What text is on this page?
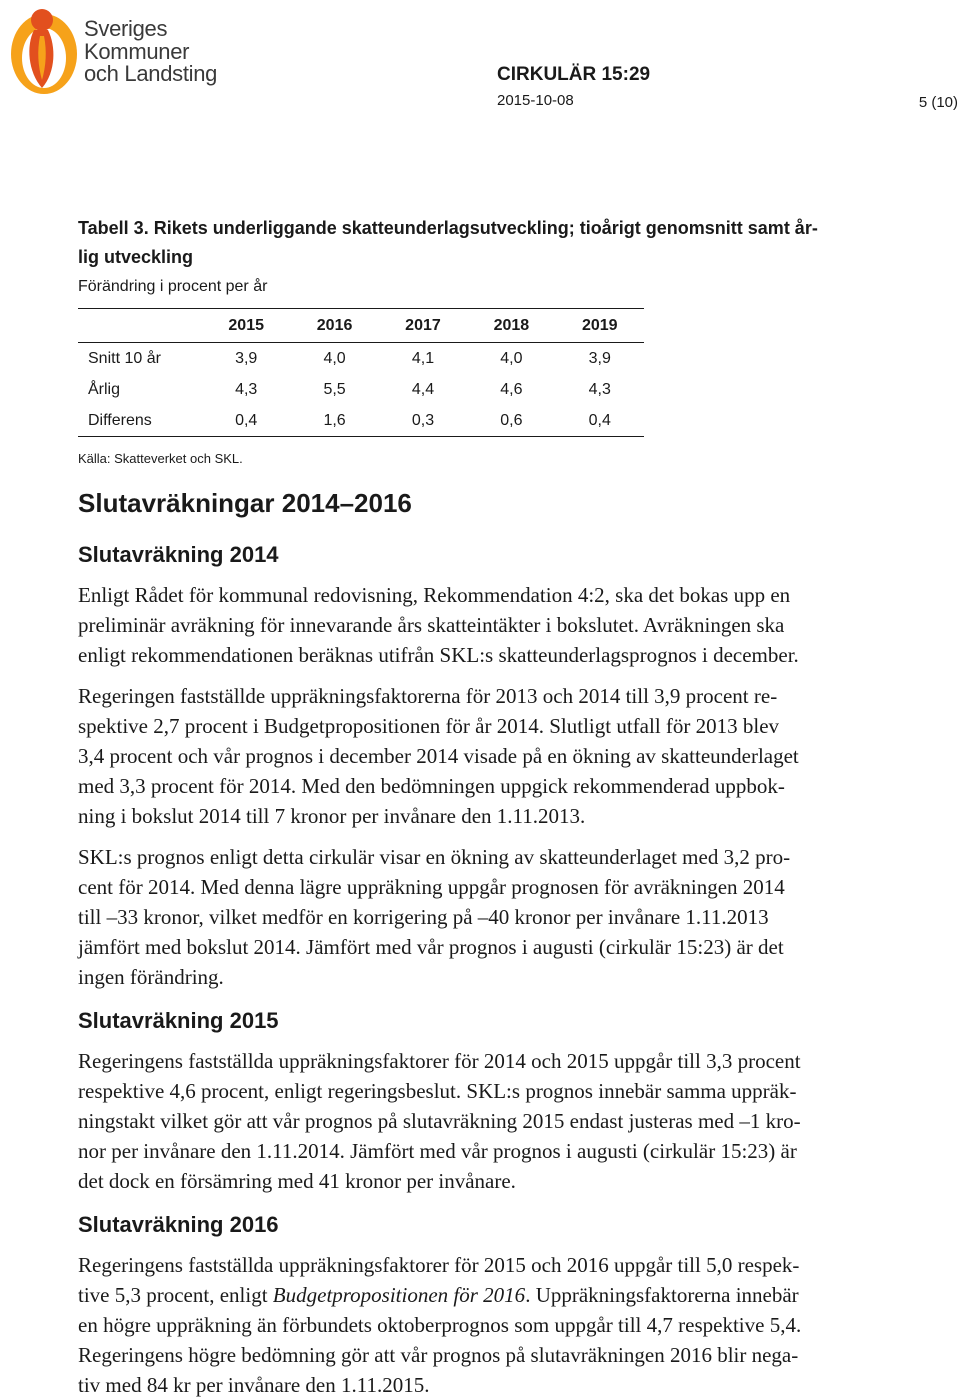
Sveriges
Kommuner
och Landsting	CIRKULÄR 15:29
2015-10-08	5 (10)
Tabell 3. Rikets underliggande skatteunderlagsutveckling; tioårigt genomsnitt samt år-
lig utveckling
Förändring i procent per år
	2015	2016	2017	2018	2019
Snitt 10 år	3,9	4,0	4,1	4,0	3,9
Årlig	4,3	5,5	4,4	4,6	4,3
Differens	0,4	1,6	0,3	0,6	0,4
Källa: Skatteverket och SKL.
Slutavräkningar 2014–2016
Slutavräkning 2014
Enligt Rådet för kommunal redovisning, Rekommendation 4:2, ska det bokas upp en
preliminär avräkning för innevarande års skatteintäkter i bokslutet. Avräkningen ska
enligt rekommendationen beräknas utifrån SKL:s skatteunderlagsprognos i december.
Regeringen fastställde uppräkningsfaktorerna för 2013 och 2014 till 3,9 procent re-
spektive 2,7 procent i Budgetpropositionen för år 2014. Slutligt utfall för 2013 blev
3,4 procent och vår prognos i december 2014 visade på en ökning av skatteunderlaget
med 3,3 procent för 2014. Med den bedömningen uppgick rekommenderad uppbok-
ning i bokslut 2014 till 7 kronor per invånare den 1.11.2013.
SKL:s prognos enligt detta cirkulär visar en ökning av skatteunderlaget med 3,2 pro-
cent för 2014. Med denna lägre uppräkning uppgår prognosen för avräkningen 2014
till –33 kronor, vilket medför en korrigering på –40 kronor per invånare 1.11.2013
jämfört med bokslut 2014. Jämfört med vår prognos i augusti (cirkulär 15:23) är det
ingen förändring.
Slutavräkning 2015
Regeringens fastställda uppräkningsfaktorer för 2014 och 2015 uppgår till 3,3 procent
respektive 4,6 procent, enligt regeringsbeslut. SKL:s prognos innebär samma uppräk-
ningstakt vilket gör att vår prognos på slutavräkning 2015 endast justeras med –1 kro-
nor per invånare den 1.11.2014. Jämfört med vår prognos i augusti (cirkulär 15:23) är
det dock en försämring med 41 kronor per invånare.
Slutavräkning 2016
Regeringens fastställda uppräkningsfaktorer för 2015 och 2016 uppgår till 5,0 respek-
tive 5,3 procent, enligt Budgetpropositionen för 2016. Uppräkningsfaktorerna innebär
en högre uppräkning än förbundets oktoberprognos som uppgår till 4,7 respektive 5,4.
Regeringens högre bedömning gör att vår prognos på slutavräkningen 2016 blir nega-
tiv med 84 kr per invånare den 1.11.2015.
